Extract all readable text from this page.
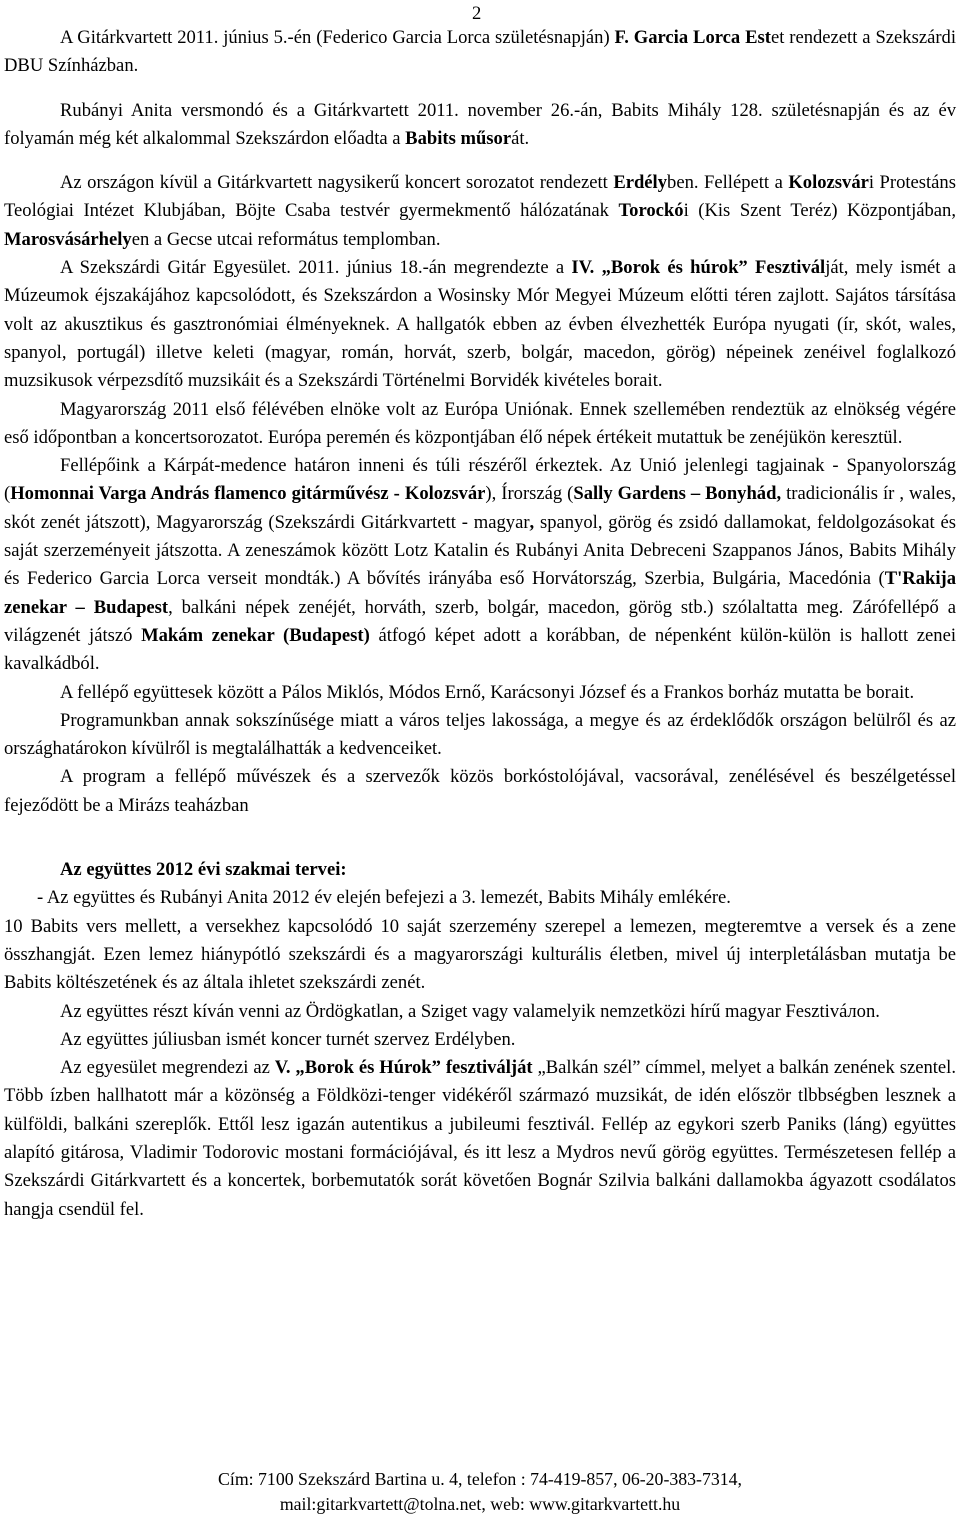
2

A Gitárkvartett 2011. június 5.-én (Federico Garcia Lorca születésnapján) F. Garcia Lorca Estet rendezett a Szekszárdi DBU Színházban.

Rubányi Anita versmondó és a Gitárkvartett 2011. november 26.-án, Babits Mihály 128. születésnapján és az év folyamán még két alkalommal Szekszárdon előadta a Babits műsorát.

Az országon kívül a Gitárkvartett nagysikerű koncert sorozatot rendezett Erdélyben. Fellépett a Kolozsvári Protestáns Teológiai Intézet Klubjában, Böjte Csaba testvér gyermekmentő hálózatának Torockói (Kis Szent Teréz) Központjában, Marosvásárhelyen a Gecse utcai református templomban.

A Szekszárdi Gitár Egyesület. 2011. június 18.-án megrendezte a IV. „Borok és húrok” Fesztiválját, mely ismét a Múzeumok éjszakájához kapcsolódott, és Szekszárdon a Wosinsky Mór Megyei Múzeum előtti téren zajlott. Sajátos társítása volt az akusztikus és gasztronómiai élményeknek. A hallgatók ebben az évben élvezhették Európa nyugati (ír, skót, wales, spanyol, portugál) illetve keleti (magyar, román, horvát, szerb, bolgár, macedon, görög) népeinek zenéivel foglalkozó muzsikusok vérpezsdítő muzsikáit és a Szekszárdi Történelmi Borvidék kivételes borait.

Magyarország 2011 első félévében elnöke volt az Európa Uniónak. Ennek szellemében rendeztük az elnökség végére eső időpontban a koncertsorozatot. Európa peremén és központjában élő népek értékeit mutattuk be zenéjükön keresztül.

Fellépőink a Kárpát-medence határon inneni és túli részéről érkeztek. Az Unió jelenlegi tagjainak - Spanyolország (Homonnai Varga András flamenco gitárművész - Kolozsvár), Írország (Sally Gardens – Bonyhád, tradicionális ír , wales, skót zenét játszott), Magyarország (Szekszárdi Gitárkvartett - magyar, spanyol, görög és zsidó dallamokat, feldolgozásokat és saját szerzeményeit játszotta. A zeneszámok között Lotz Katalin és Rubányi Anita Debreceni Szappanos János, Babits Mihály és Federico Garcia Lorca verseit mondták.) A bővítés irányába eső Horvátország, Szerbia, Bulgária, Macedónia (T'Rakija zenekar – Budapest, balkáni népek zenéjét, horváth, szerb, bolgár, macedon, görög stb.) szólaltatta meg. Zárófellépő a világzenét játszó Makám zenekar (Budapest) átfogó képet adott a korábban, de népenként külön-külön is hallott zenei kavalkádból.

A fellépő együttesek között a Pálos Miklós, Módos Ernő, Karácsonyi József és a Frankos borház mutatta be borait.

Programunkban annak sokszínűsége miatt a város teljes lakossága, a megye és az érdeklődők országon belülről és az országhatárokon kívülről is megtalálhatták a kedvenceiket.

A program a fellépő művészek és a szervezők közös borkóstolójával, vacsorával, zenélésével és beszélgetéssel fejeződött be a Mirázs teaházban

Az együttes 2012 évi szakmai tervei:

- Az együttes és Rubányi Anita 2012 év elején befejezi a 3. lemezét, Babits Mihály emlékére.

10 Babits vers mellett, a versekhez kapcsolódó 10 saját szerzemény szerepel a lemezen, megteremtve a versek és a zene összhangját. Ezen lemez hiánypótló szekszárdi és a magyarországi kulturális életben, mivel új interpletálásban mutatja be Babits költészetének és az általa ihletet szekszárdi zenét.

Az együttes részt kíván venni az Ördögkatlan, a Sziget vagy valamelyik nemzetközi hírű magyar Fesztiváлon.

Az együttes júliusban ismét koncer turnét szervez Erdélyben.

Az egyesület megrendezi az V. „Borok és Húrok” fesztiválját „Balkán szél” címmel, melyet a balkán zenének szentel. Több ízben hallhatott már a közönség a Földközi-tenger vidékéről származó muzsikát, de idén először tlbbségben lesznek a külföldi, balkáni szereplők. Ettől lesz igazán autentikus a jubileumi fesztivál. Fellép az egykori szerb Paniks (láng) együttes alapító gitárosa, Vladimir Todorovic mostani formációjával, és itt lesz a Mydros nevű görög együttes. Természetesen fellép a Szekszárdi Gitárkvartett és a koncertek, borbemutatók sorát követően Bognár Szilvia balkáni dallamokba ágyazott csodálatos hangja csendül fel.

Cím: 7100 Szekszárd Bartina u. 4, telefon : 74-419-857, 06-20-383-7314,
mail:gitarkvartett@tolna.net, web: www.gitarkvartett.hu
